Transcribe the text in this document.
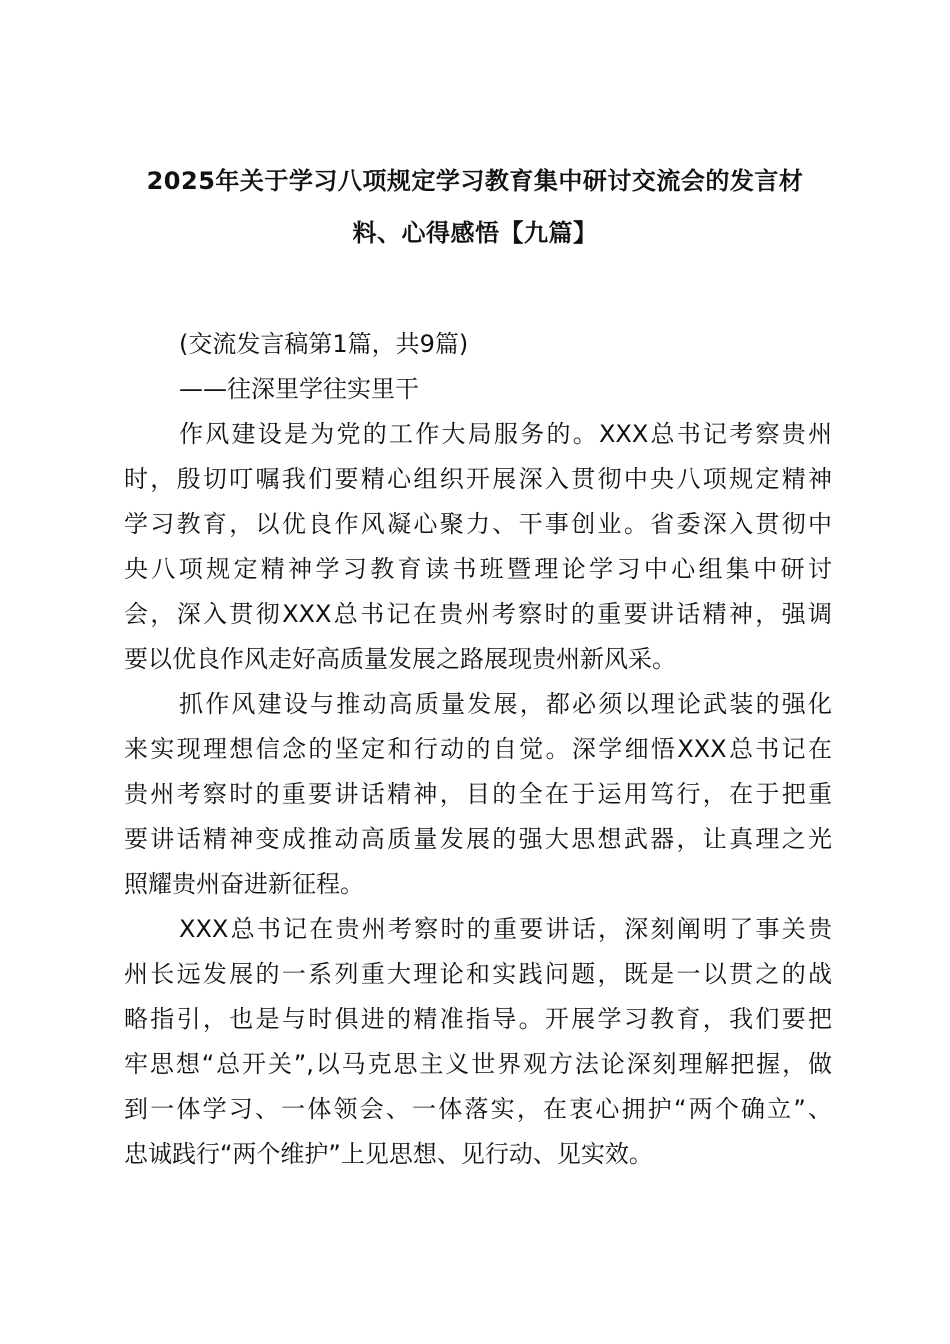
2025年关于学习八项规定学习教育集中研讨交流会的发言材
料、心得感悟【九篇】
(交流发言稿第1篇，共9篇)
——往深里学往实里干
作风建设是为党的工作大局服务的。XXX总书记考察贵州
时，殷切叮嘱我们要精心组织开展深入贯彻中央八项规定精神
学习教育，以优良作风凝心聚力、干事创业。省委深入贯彻中
央八项规定精神学习教育读书班暨理论学习中心组集中研讨
会，深入贯彻XXX总书记在贵州考察时的重要讲话精神，强调
要以优良作风走好高质量发展之路展现贵州新风采。
抓作风建设与推动高质量发展，都必须以理论武装的强化
来实现理想信念的坚定和行动的自觉。深学细悟XXX总书记在
贵州考察时的重要讲话精神，目的全在于运用笃行，在于把重
要讲话精神变成推动高质量发展的强大思想武器，让真理之光
照耀贵州奋进新征程。
XXX总书记在贵州考察时的重要讲话，深刻阐明了事关贵
州长远发展的一系列重大理论和实践问题，既是一以贯之的战
略指引，也是与时俱进的精准指导。开展学习教育，我们要把
牢思想“总开关”,以马克思主义世界观方法论深刻理解把握，做
到一体学习、一体领会、一体落实，在衷心拥护“两个确立”、
忠诚践行“两个维护”上见思想、见行动、见实效。
